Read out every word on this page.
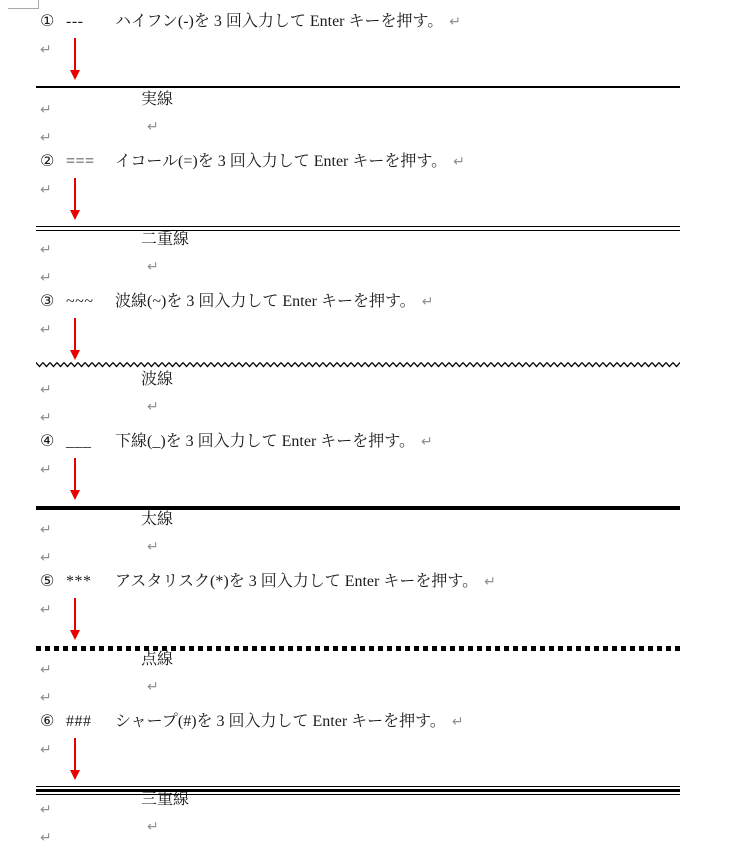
① ---	ハイフン(-)を 3 回入力して Enter キーを押す。 ↵
↵

実線
↵

↵
↵
② ===	イコール(=)を 3 回入力して Enter キーを押す。 ↵
↵

二重線
↵

↵
↵
③ ~~~	波線(~)を 3 回入力して Enter キーを押す。 ↵
↵

波線
↵

↵
↵
④ ___	下線(_)を 3 回入力して Enter キーを押す。 ↵
↵

太線
↵

↵
↵
⑤ ***	アスタリスク(*)を 3 回入力して Enter キーを押す。 ↵
↵

点線
↵

↵
↵
⑥ ###	シャープ(#)を 3 回入力して Enter キーを押す。 ↵
↵

三重線
↵

↵
↵
